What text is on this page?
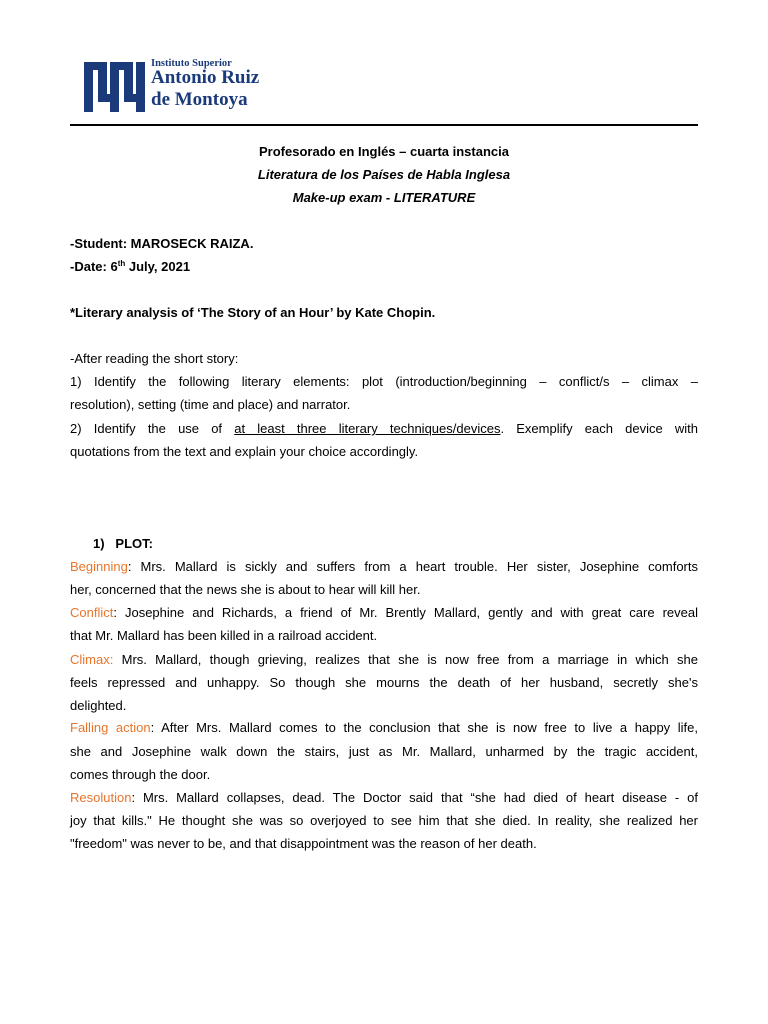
Instituto Superior
Antonio Ruiz
de Montoya
Profesorado en Inglés – cuarta instancia
Literatura de los Países de Habla Inglesa
Make-up exam - LITERATURE
-Student: MAROSECK RAIZA.
-Date: 6th July, 2021
*Literary analysis of ‘The Story of an Hour’ by Kate Chopin.
-After reading the short story:
1) Identify the following literary elements: plot (introduction/beginning – conflict/s – climax –
resolution), setting (time and place) and narrator.
2) Identify the use of at least three literary techniques/devices. Exemplify each device with
quotations from the text and explain your choice accordingly.
1) PLOT:
Beginning: Mrs. Mallard is sickly and suffers from a heart trouble. Her sister, Josephine comforts
her, concerned that the news she is about to hear will kill her.
Conflict: Josephine and Richards, a friend of Mr. Brently Mallard, gently and with great care reveal
that Mr. Mallard has been killed in a railroad accident.
Climax: Mrs. Mallard, though grieving, realizes that she is now free from a marriage in which she
feels repressed and unhappy. So though she mourns the death of her husband, secretly she's
delighted.
Falling action: After Mrs. Mallard comes to the conclusion that she is now free to live a happy life,
she and Josephine walk down the stairs, just as Mr. Mallard, unharmed by the tragic accident,
comes through the door.
Resolution: Mrs. Mallard collapses, dead. The Doctor said that “she had died of heart disease - of
joy that kills." He thought she was so overjoyed to see him that she died. In reality, she realized her
"freedom" was never to be, and that disappointment was the reason of her death.
